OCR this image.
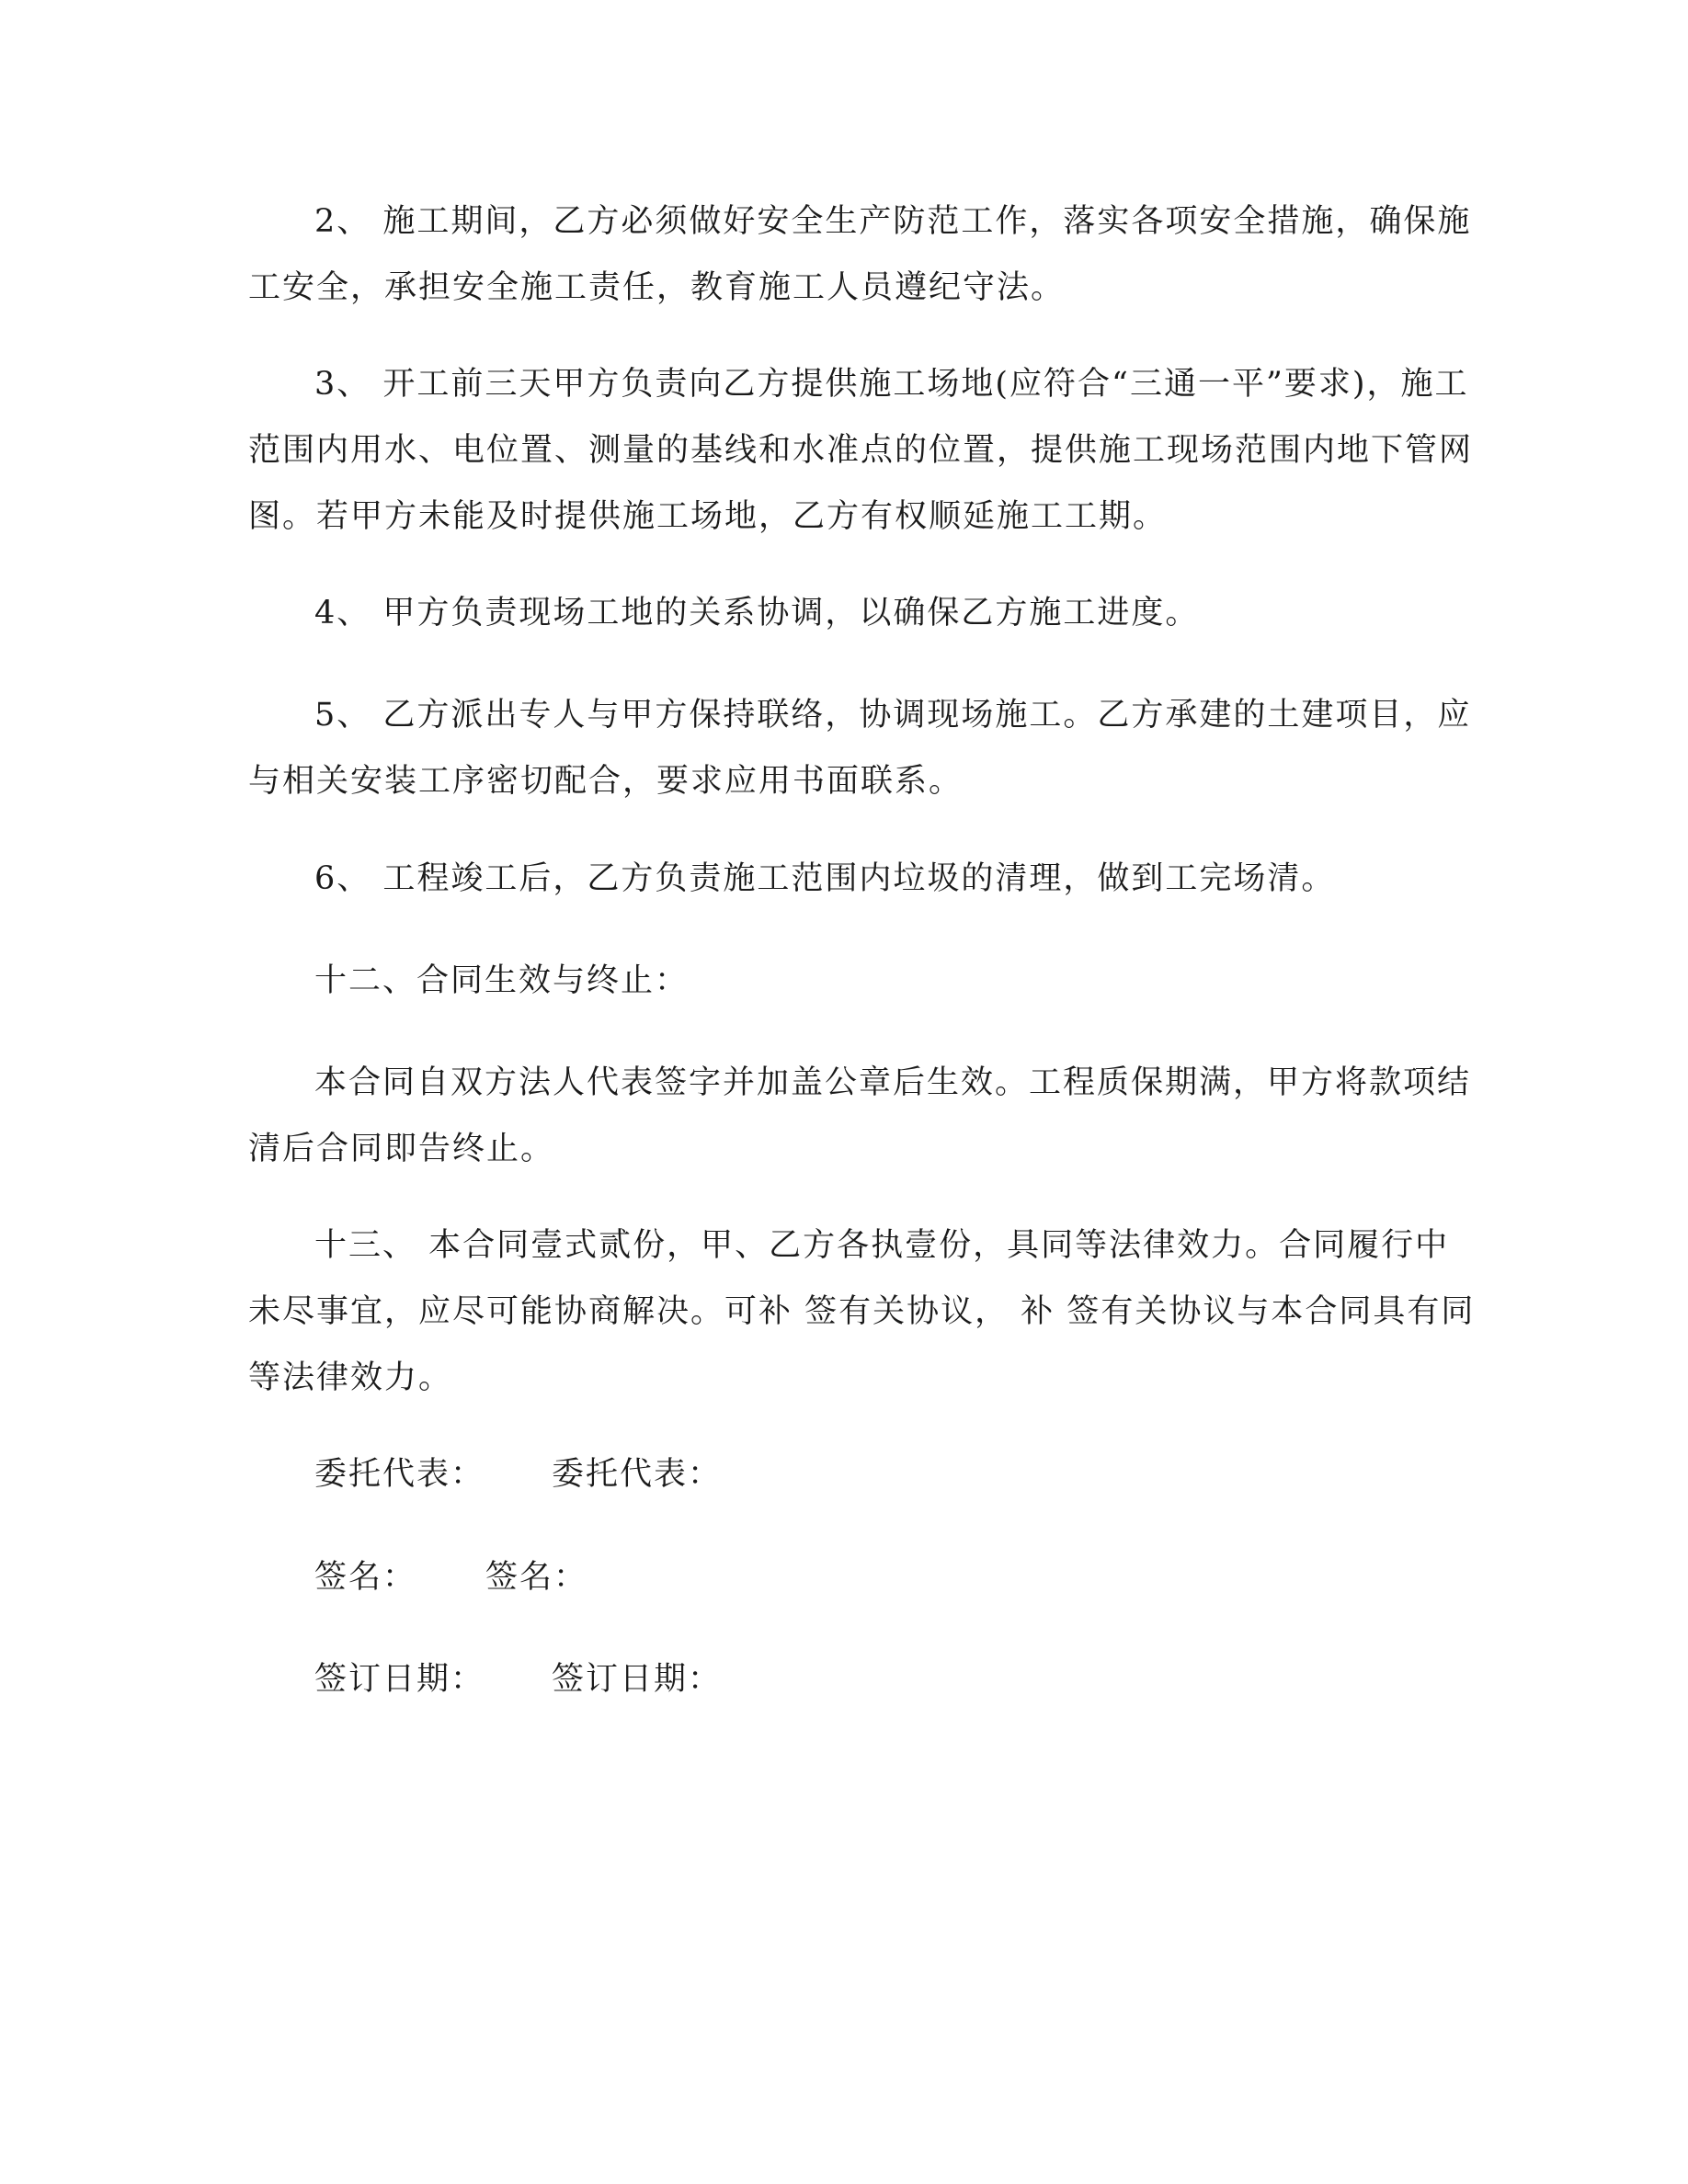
2、 施工期间，乙方必须做好安全生产防范工作，落实各项安全措施，确保施
工安全，承担安全施工责任，教育施工人员遵纪守法。
3、 开工前三天甲方负责向乙方提供施工场地(应符合“三通一平”要求)，施工
范围内用水、电位置、测量的基线和水准点的位置，提供施工现场范围内地下管网
图。若甲方未能及时提供施工场地，乙方有权顺延施工工期。
4、 甲方负责现场工地的关系协调，以确保乙方施工进度。
5、 乙方派出专人与甲方保持联络，协调现场施工。乙方承建的土建项目，应
与相关安装工序密切配合，要求应用书面联系。
6、 工程竣工后，乙方负责施工范围内垃圾的清理，做到工完场清。
十二、合同生效与终止：
本合同自双方法人代表签字并加盖公章后生效。工程质保期满，甲方将款项结
清后合同即告终止。
十三、 本合同壹式贰份，甲、乙方各执壹份，具同等法律效力。合同履行中
未尽事宜，应尽可能协商解决。可补 签有关协议， 补 签有关协议与本合同具有同
等法律效力。
委托代表： 委托代表：
签名： 签名：
签订日期： 签订日期：
